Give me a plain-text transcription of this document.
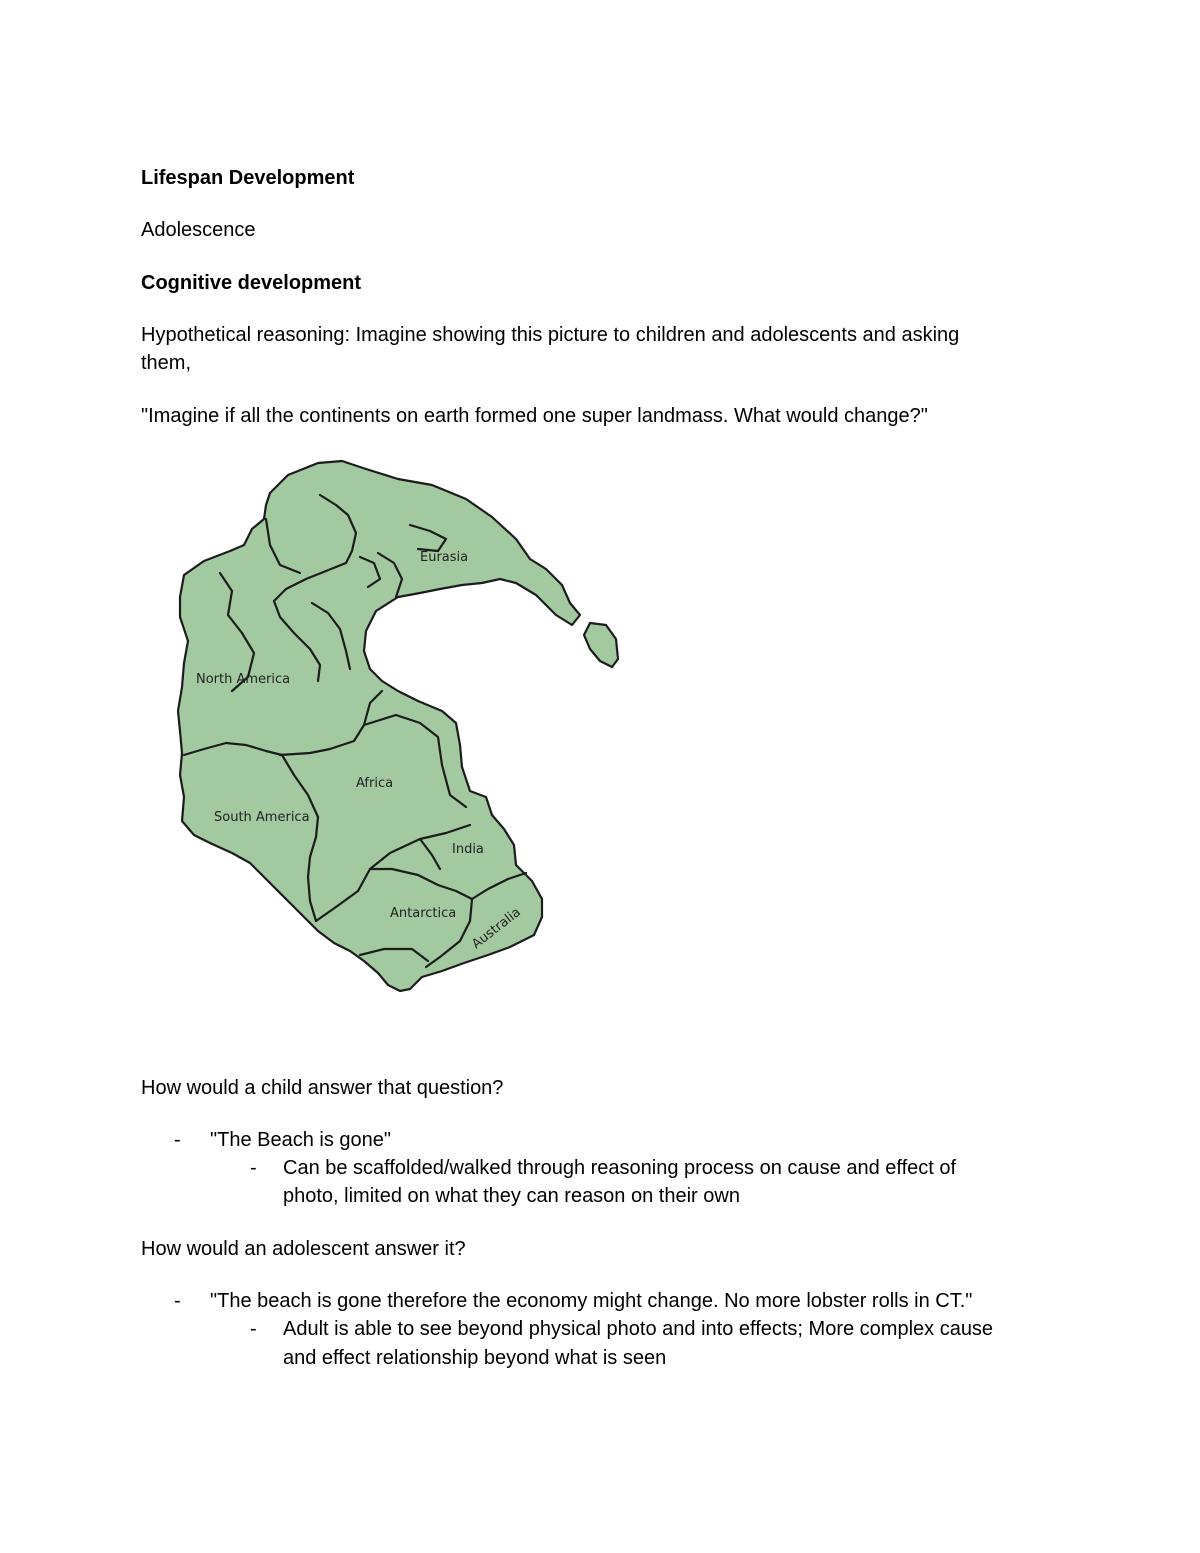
Lifespan Development
Adolescence
Cognitive development
Hypothetical reasoning: Imagine showing this picture to children and adolescents and asking
them,
"Imagine if all the continents on earth formed one super landmass. What would change?"
Eurasia
North America
Africa
South America
India
Antarctica Australia
How would a child answer that question?
- "The Beach is gone"
- Can be scaffolded/walked through reasoning process on cause and effect of
photo, limited on what they can reason on their own
How would an adolescent answer it?
- "The beach is gone therefore the economy might change. No more lobster rolls in CT."
- Adult is able to see beyond physical photo and into effects; More complex cause
and effect relationship beyond what is seen
